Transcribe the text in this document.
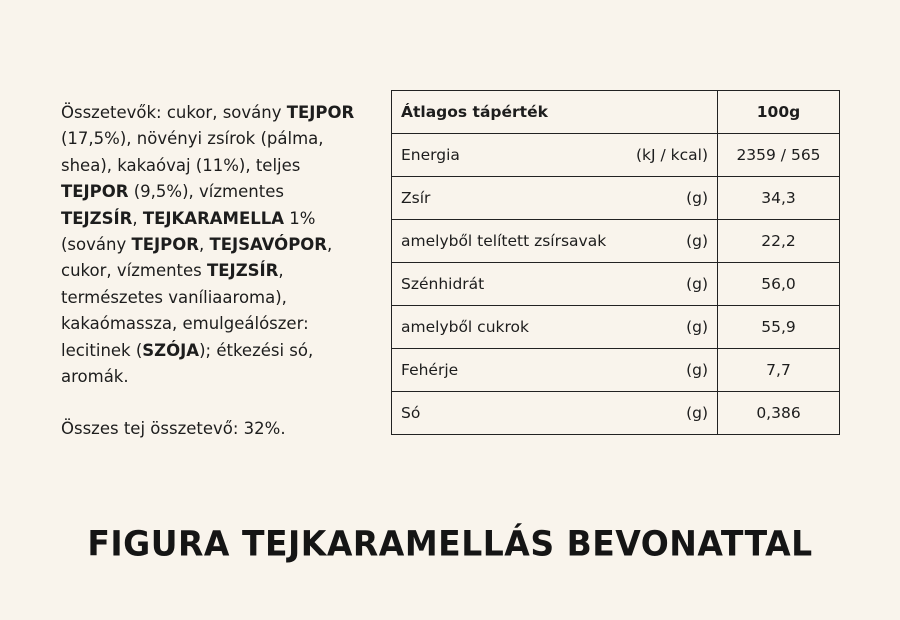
Összetevők: cukor, sovány TEJPOR (17,5%), növényi zsírok (pálma, shea), kakaóvaj (11%), teljes TEJPOR (9,5%), vízmentes TEJZSÍR, TEJKARAMELLA 1% (sovány TEJPOR, TEJSAVÓPOR, cukor, vízmentes TEJZSÍR, természetes vaníliaaroma), kakaómassza, emulgeálószer: lecitinek (SZÓJA); étkezési só, aromák.

Összes tej összetevő: 32%.

Átlagos tápérték	100g

Energia (kJ / kcal)	2359 / 565

Zsír (g)	34,3

amelyből telített zsírsavak (g)	22,2

Szénhidrát (g)	56,0

amelyből cukrok (g)	55,9

Fehérje (g)	7,7

Só (g)	0,386
FIGURA TEJKARAMELLÁS BEVONATTAL
